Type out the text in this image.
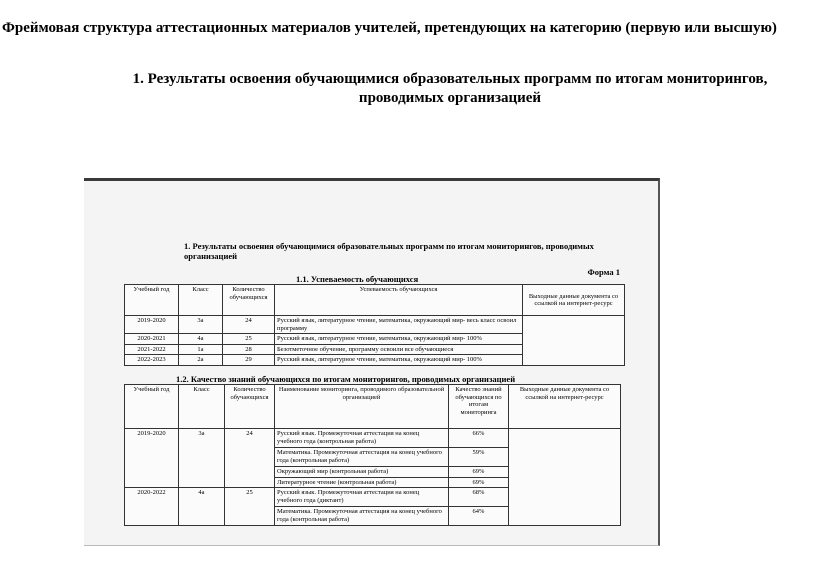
Фреймовая структура аттестационных материалов учителей, претендующих на категорию (первую или высшую)
1. Результаты освоения обучающимися образовательных программ по итогам мониторингов, проводимых организацией
1. Результаты освоения обучающимися образовательных программ по итогам мониторингов, проводимых организацией
Форма 1
1.1. Успеваемость обучающихся
Учебный год	Класс	Количество обучающихся	Успеваемость обучающихся	Выходные данные документа со ссылкой на интернет-ресурс
2019-2020	3а	24	Русский язык, литературное чтение, математика, окружающий мир- весь класс освоил программу	
2020-2021	4а	25	Русский язык, литературное чтение, математика, окружающий мир- 100%	
2021-2022	1а	28	Безотметочное обучение, программу освоили все обучающиеся	
2022-2023	2а	29	Русский язык, литературное чтение, математика, окружающий мир- 100%	
1.2. Качество знаний обучающихся по итогам мониторингов, проводимых организацией
Учебный год	Класс	Количество обучающихся	Наименование мониторинга, проводимого образовательной организацией	Качество знаний обучающихся по итогам мониторинга	Выходные данные документа со ссылкой на интернет-ресурс
2019-2020	3а	24	Русский язык. Промежуточная аттестация на конец учебного года (контрольная работа)	66%	
			Математика. Промежуточная аттестация на конец учебного года (контрольная работа)	59%	
			Окружающий мир (контрольная работа)	69%	
			Литературное чтение (контрольная работа)	69%	
2020-2022	4а	25	Русский язык. Промежуточная аттестация на конец учебного года (диктант)	68%	
			Математика. Промежуточная аттестация на конец учебного года (контрольная работа)	64%	
